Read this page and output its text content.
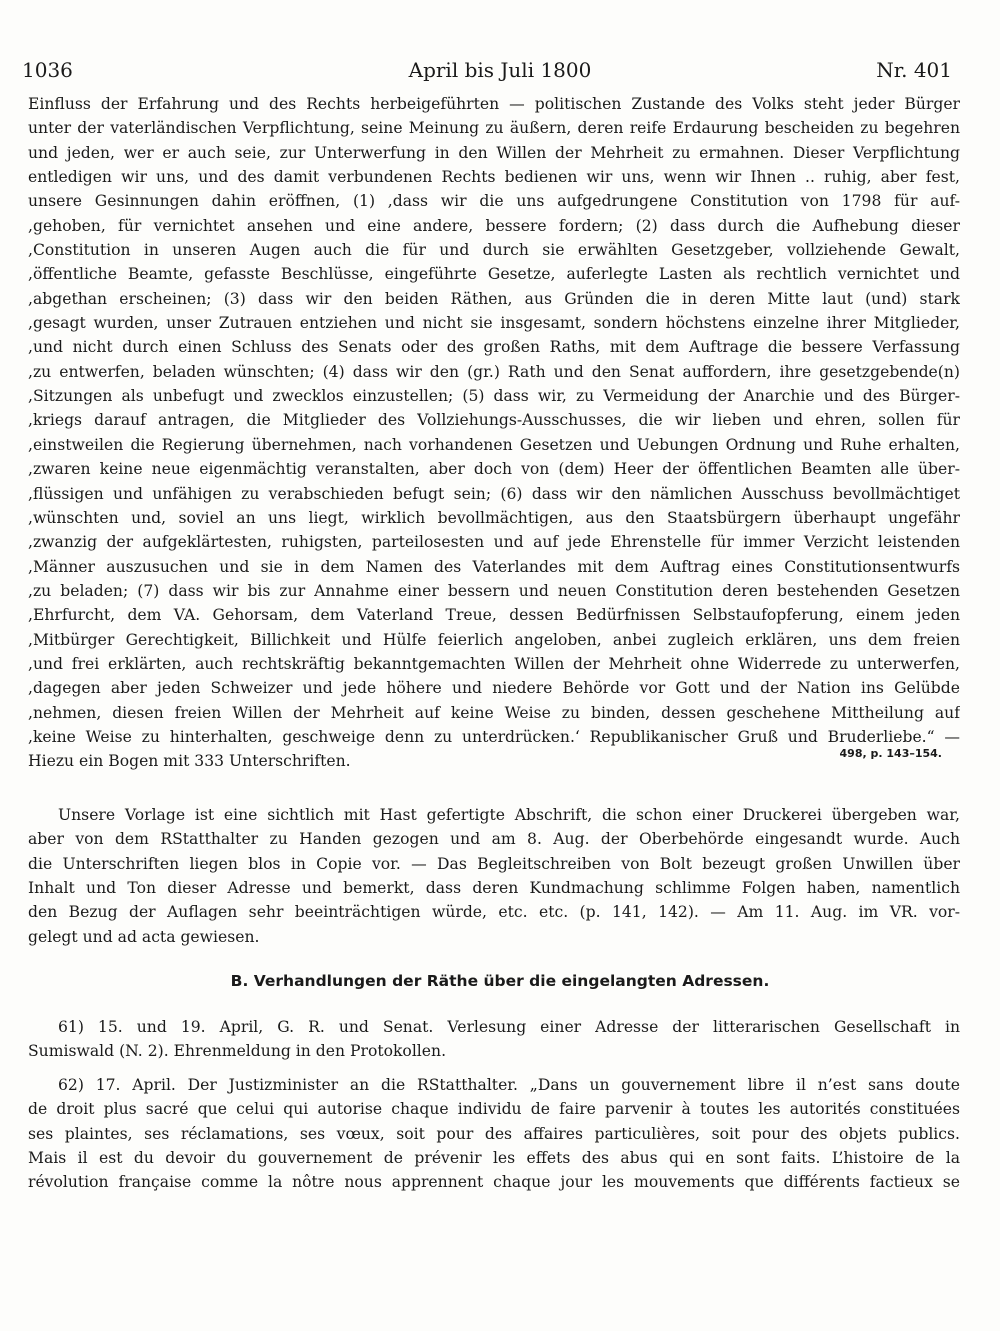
1036	April bis Juli 1800	Nr. 401
Einfluss der Erfahrung und des Rechts herbeigeführten — politischen Zustande des Volks steht jeder Bürger
unter der vaterländischen Verpflichtung, seine Meinung zu äußern, deren reife Erdaurung bescheiden zu begehren
und jeden, wer er auch seie, zur Unterwerfung in den Willen der Mehrheit zu ermahnen. Dieser Verpflichtung
entledigen wir uns, und des damit verbundenen Rechts bedienen wir uns, wenn wir Ihnen .. ruhig, aber fest,
unsere Gesinnungen dahin eröffnen, (1) ,dass wir die uns aufgedrungene Constitution von 1798 für auf-
,gehoben, für vernichtet ansehen und eine andere, bessere fordern; (2) dass durch die Aufhebung dieser
,Constitution in unseren Augen auch die für und durch sie erwählten Gesetzgeber, vollziehende Gewalt,
,öffentliche Beamte, gefasste Beschlüsse, eingeführte Gesetze, auferlegte Lasten als rechtlich vernichtet und
,abgethan erscheinen; (3) dass wir den beiden Räthen, aus Gründen die in deren Mitte laut (und) stark
,gesagt wurden, unser Zutrauen entziehen und nicht sie insgesamt, sondern höchstens einzelne ihrer Mitglieder,
,und nicht durch einen Schluss des Senats oder des großen Raths, mit dem Auftrage die bessere Verfassung
,zu entwerfen, beladen wünschten; (4) dass wir den (gr.) Rath und den Senat auffordern, ihre gesetzgebende(n)
,Sitzungen als unbefugt und zwecklos einzustellen; (5) dass wir, zu Vermeidung der Anarchie und des Bürger-
,kriegs darauf antragen, die Mitglieder des Vollziehungs-Ausschusses, die wir lieben und ehren, sollen für
,einstweilen die Regierung übernehmen, nach vorhandenen Gesetzen und Uebungen Ordnung und Ruhe erhalten,
,zwaren keine neue eigenmächtig veranstalten, aber doch von (dem) Heer der öffentlichen Beamten alle über-
,flüssigen und unfähigen zu verabschieden befugt sein; (6) dass wir den nämlichen Ausschuss bevollmächtiget
,wünschten und, soviel an uns liegt, wirklich bevollmächtigen, aus den Staatsbürgern überhaupt ungefähr
,zwanzig der aufgeklärtesten, ruhigsten, parteilosesten und auf jede Ehrenstelle für immer Verzicht leistenden
,Männer auszusuchen und sie in dem Namen des Vaterlandes mit dem Auftrag eines Constitutionsentwurfs
,zu beladen; (7) dass wir bis zur Annahme einer bessern und neuen Constitution deren bestehenden Gesetzen
,Ehrfurcht, dem VA. Gehorsam, dem Vaterland Treue, dessen Bedürfnissen Selbstaufopferung, einem jeden
,Mitbürger Gerechtigkeit, Billichkeit und Hülfe feierlich angeloben, anbei zugleich erklären, uns dem freien
,und frei erklärten, auch rechtskräftig bekanntgemachten Willen der Mehrheit ohne Widerrede zu unterwerfen,
,dagegen aber jeden Schweizer und jede höhere und niedere Behörde vor Gott und der Nation ins Gelübde
,nehmen, diesen freien Willen der Mehrheit auf keine Weise zu binden, dessen geschehene Mittheilung auf
,keine Weise zu hinterhalten, geschweige denn zu unterdrücken.‘ Republikanischer Gruß und Bruderliebe.“ —
Hiezu ein Bogen mit 333 Unterschriften.	498, p. 143–154.
Unsere Vorlage ist eine sichtlich mit Hast gefertigte Abschrift, die schon einer Druckerei übergeben war,
aber von dem RStatthalter zu Handen gezogen und am 8. Aug. der Oberbehörde eingesandt wurde. Auch
die Unterschriften liegen blos in Copie vor. — Das Begleitschreiben von Bolt bezeugt großen Unwillen über
Inhalt und Ton dieser Adresse und bemerkt, dass deren Kundmachung schlimme Folgen haben, namentlich
den Bezug der Auflagen sehr beeinträchtigen würde, etc. etc. (p. 141, 142). — Am 11. Aug. im VR. vor-
gelegt und ad acta gewiesen.
B. Verhandlungen der Räthe über die eingelangten Adressen.
61) 15. und 19. April, G. R. und Senat. Verlesung einer Adresse der litterarischen Gesellschaft in
Sumiswald (N. 2). Ehrenmeldung in den Protokollen.
62) 17. April. Der Justizminister an die RStatthalter. „Dans un gouvernement libre il n’est sans doute
de droit plus sacré que celui qui autorise chaque individu de faire parvenir à toutes les autorités constituées
ses plaintes, ses réclamations, ses vœux, soit pour des affaires particulières, soit pour des objets publics.
Mais il est du devoir du gouvernement de prévenir les effets des abus qui en sont faits. L’histoire de la
révolution française comme la nôtre nous apprennent chaque jour les mouvements que différents factieux se
